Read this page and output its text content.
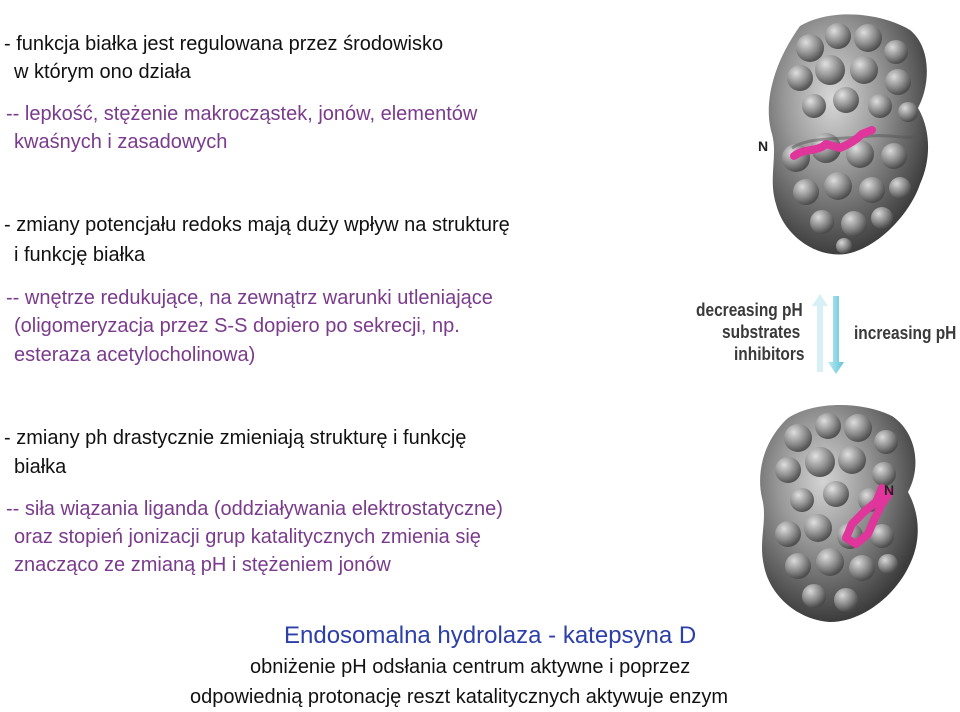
- funkcja białka jest regulowana przez środowisko
w którym ono działa
-- lepkość, stężenie makrocząstek, jonów, elementów
kwaśnych i zasadowych
- zmiany potencjału redoks mają duży wpływ na strukturę
i funkcję białka
-- wnętrze redukujące, na zewnątrz warunki utleniające
(oligomeryzacja przez S-S dopiero po sekrecji, np.
esteraza acetylocholinowa)
- zmiany ph drastycznie zmieniają strukturę i funkcję
białka
-- siła wiązania liganda (oddziaływania elektrostatyczne)
oraz stopień jonizacji grup katalitycznych zmienia się
znacząco ze zmianą pH i stężeniem jonów
Endosomalna hydrolaza - katepsyna D
obniżenie pH odsłania centrum aktywne i poprzez
odpowiednią protonację reszt katalitycznych aktywuje enzym
N
decreasing pH
substrates
inhibitors
increasing pH
N
